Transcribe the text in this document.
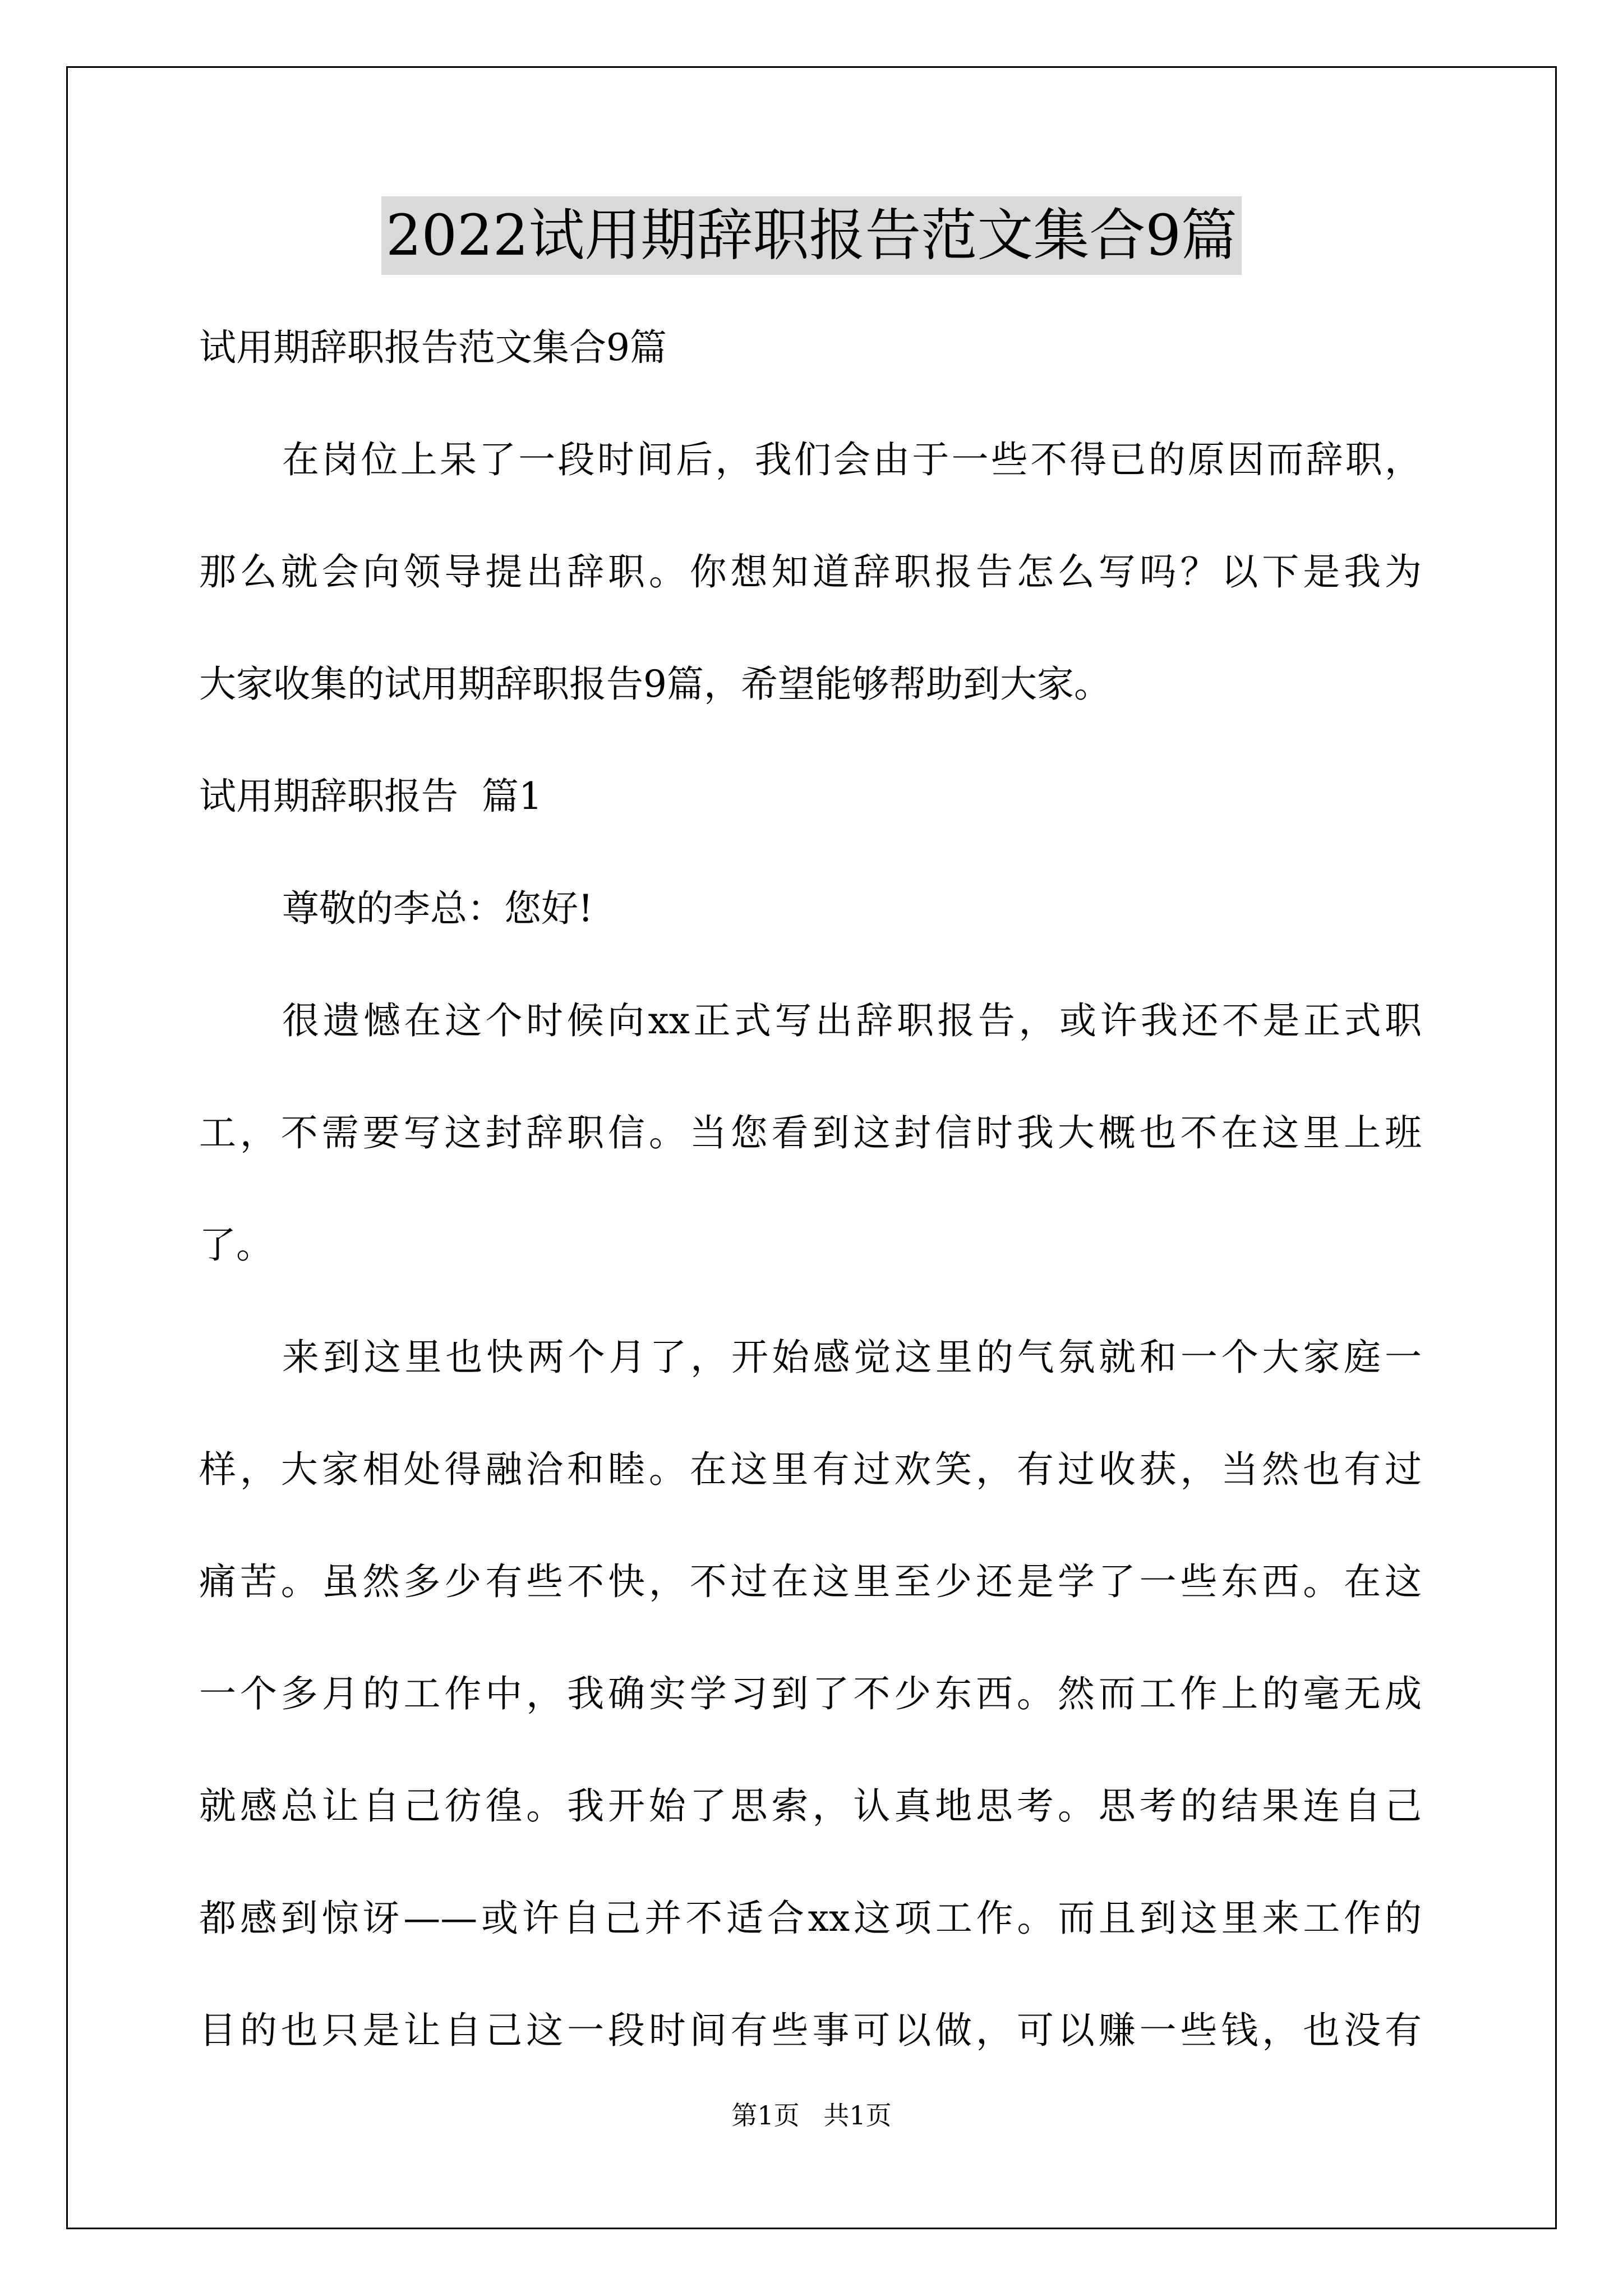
2022试用期辞职报告范文集合9篇
试用期辞职报告范文集合9篇
在岗位上呆了一段时间后，我们会由于一些不得已的原因而辞职，
那么就会向领导提出辞职。你想知道辞职报告怎么写吗？以下是我为
大家收集的试用期辞职报告9篇，希望能够帮助到大家。
试用期辞职报告  篇1
尊敬的李总：您好!
很遗憾在这个时候向xx正式写出辞职报告，或许我还不是正式职
工，不需要写这封辞职信。当您看到这封信时我大概也不在这里上班
了。
来到这里也快两个月了，开始感觉这里的气氛就和一个大家庭一
样，大家相处得融洽和睦。在这里有过欢笑，有过收获，当然也有过
痛苦。虽然多少有些不快，不过在这里至少还是学了一些东西。在这
一个多月的工作中，我确实学习到了不少东西。然而工作上的毫无成
就感总让自己彷徨。我开始了思索，认真地思考。思考的结果连自己
都感到惊讶——或许自己并不适合xx这项工作。而且到这里来工作的
目的也只是让自己这一段时间有些事可以做，可以赚一些钱，也没有
第1页 共1页
